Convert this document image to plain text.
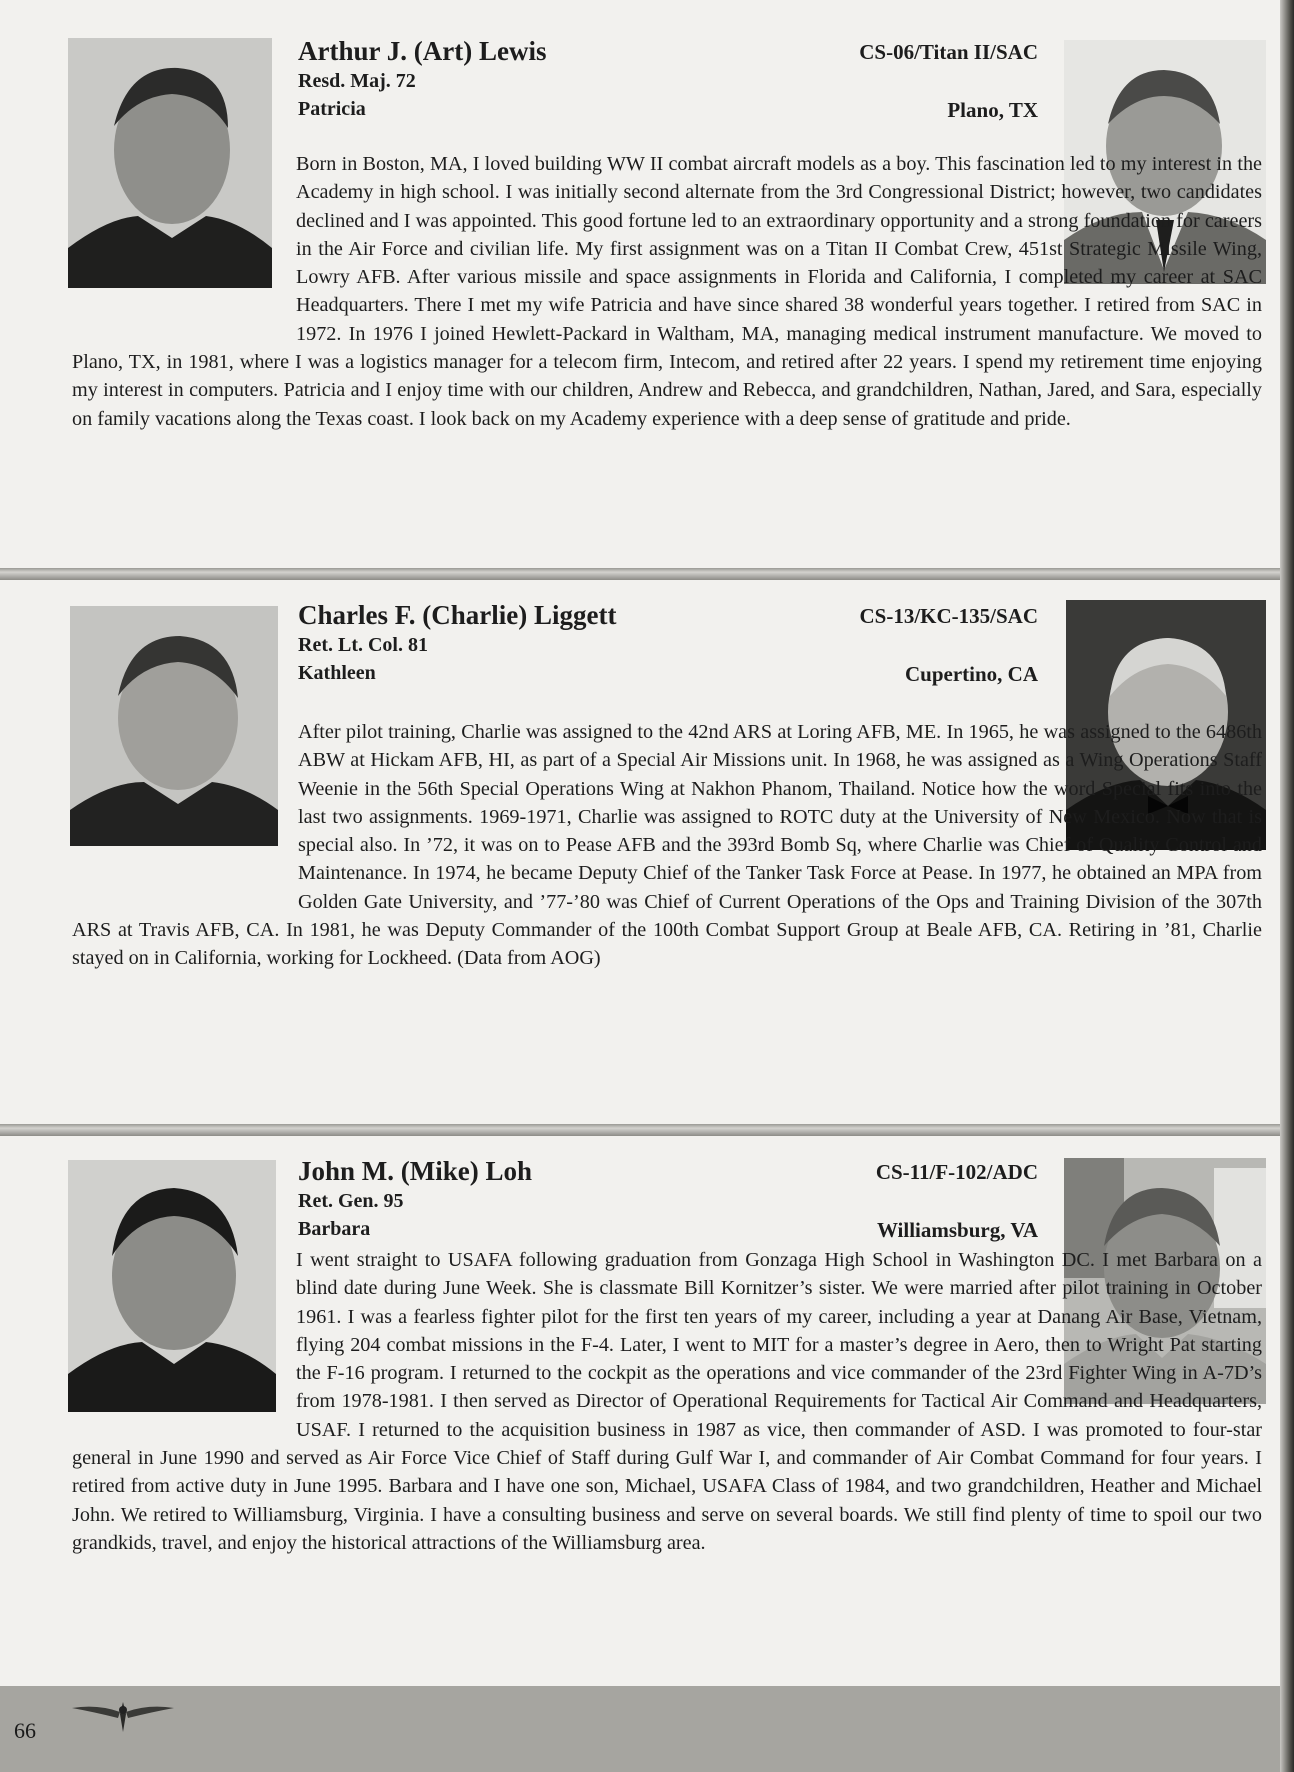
Arthur J. (Art) Lewis	CS-06/Titan II/SAC
Resd. Maj. 72
Patricia	Plano, TX

Born in Boston, MA, I loved building WW II combat aircraft models as a boy. This fascination led to my interest in the Academy in high school. I was initially second alternate from the 3rd Congressional District; however, two candidates declined and I was appointed. This good fortune led to an extraordinary opportunity and a strong foundation for careers in the Air Force and civilian life. My first assignment was on a Titan II Combat Crew, 451st Strategic Missile Wing, Lowry AFB. After various missile and space assignments in Florida and California, I completed my career at SAC Headquarters. There I met my wife Patricia and have since shared 38 wonderful years together. I retired from SAC in 1972. In 1976 I joined Hewlett-Packard in Waltham, MA, managing medical instrument manufacture. We moved to Plano, TX, in 1981, where I was a logistics manager for a telecom firm, Intecom, and retired after 22 years. I spend my retirement time enjoying my interest in computers. Patricia and I enjoy time with our children, Andrew and Rebecca, and grandchildren, Nathan, Jared, and Sara, especially on family vacations along the Texas coast. I look back on my Academy experience with a deep sense of gratitude and pride.

Charles F. (Charlie) Liggett	CS-13/KC-135/SAC
Ret. Lt. Col. 81
Kathleen	Cupertino, CA

After pilot training, Charlie was assigned to the 42nd ARS at Loring AFB, ME. In 1965, he was assigned to the 6486th ABW at Hickam AFB, HI, as part of a Special Air Missions unit. In 1968, he was assigned as a Wing Operations Staff Weenie in the 56th Special Operations Wing at Nakhon Phanom, Thailand. Notice how the word Special fits into the last two assignments. 1969-1971, Charlie was assigned to ROTC duty at the University of New Mexico. Now that is special also. In ’72, it was on to Pease AFB and the 393rd Bomb Sq, where Charlie was Chief of Quality Control and Maintenance. In 1974, he became Deputy Chief of the Tanker Task Force at Pease. In 1977, he obtained an MPA from Golden Gate University, and ’77-’80 was Chief of Current Operations of the Ops and Training Division of the 307th ARS at Travis AFB, CA. In 1981, he was Deputy Commander of the 100th Combat Support Group at Beale AFB, CA. Retiring in ’81, Charlie stayed on in California, working for Lockheed. (Data from AOG)

John M. (Mike) Loh	CS-11/F-102/ADC
Ret. Gen. 95
Barbara	Williamsburg, VA

I went straight to USAFA following graduation from Gonzaga High School in Washington DC. I met Barbara on a blind date during June Week. She is classmate Bill Kornitzer’s sister. We were married after pilot training in October 1961. I was a fearless fighter pilot for the first ten years of my career, including a year at Danang Air Base, Vietnam, flying 204 combat missions in the F-4. Later, I went to MIT for a master’s degree in Aero, then to Wright Pat starting the F-16 program. I returned to the cockpit as the operations and vice commander of the 23rd Fighter Wing in A-7D’s from 1978-1981. I then served as Director of Operational Requirements for Tactical Air Command and Headquarters, USAF. I returned to the acquisition business in 1987 as vice, then commander of ASD. I was promoted to four-star general in June 1990 and served as Air Force Vice Chief of Staff during Gulf War I, and commander of Air Combat Command for four years. I retired from active duty in June 1995. Barbara and I have one son, Michael, USAFA Class of 1984, and two grandchildren, Heather and Michael John. We retired to Williamsburg, Virginia. I have a consulting business and serve on several boards. We still find plenty of time to spoil our two grandkids, travel, and enjoy the historical attractions of the Williamsburg area.

66
